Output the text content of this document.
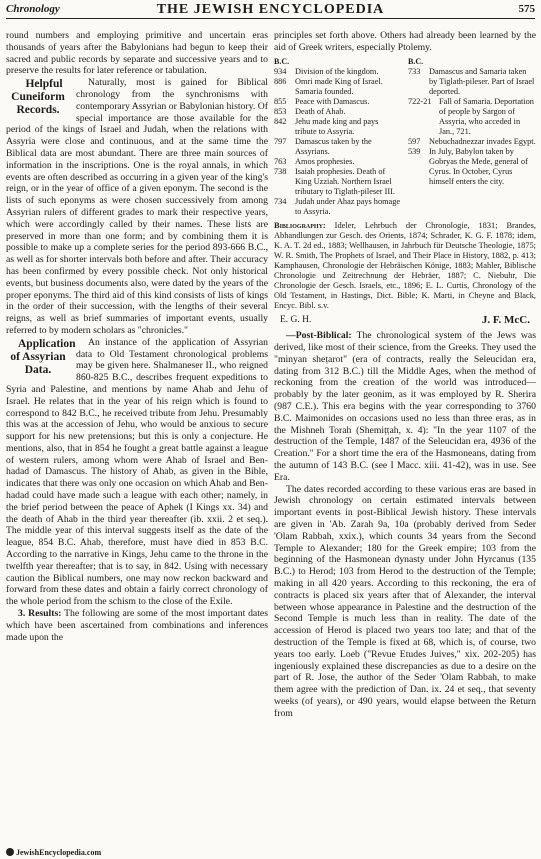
Chronology	THE JEWISH ENCYCLOPEDIA	575

round numbers and employing primitive and uncertain eras thousands of years after the Babylonians had begun to keep their sacred and public records by separate and successive years and to preserve the results for later reference or tabulation.

Helpful Cuneiform Records.
Naturally, most is gained for Biblical chronology from the synchronisms with contemporary Assyrian or Babylonian history. Of special importance are those available for the period of the kings of Israel and Judah, when the relations with Assyria were close and continuous, and at the same time the Biblical data are most abundant. There are three main sources of information in the inscriptions. One is the royal annals, in which events are often described as occurring in a given year of the king's reign, or in the year of office of a given eponym. The second is the lists of such eponyms as were chosen successively from among Assyrian rulers of different grades to mark their respective years, which were accordingly called by their names. These lists are preserved in more than one form; and by combining them it is possible to make up a complete series for the period 893-666 B.C., as well as for shorter intervals both before and after. Their accuracy has been confirmed by every possible check. Not only historical events, but business documents also, were dated by the years of the proper eponyms. The third aid of this kind consists of lists of kings in the order of their succession, with the lengths of their several reigns, as well as brief summaries of important events, usually referred to by modern scholars as "chronicles."

Application of Assyrian Data.
An instance of the application of Assyrian data to Old Testament chronological problems may be given here. Shalmaneser II., who reigned 860-825 B.C., describes frequent expeditions to Syria and Palestine, and mentions by name Ahab and Jehu of Israel. He relates that in the year of his reign which is found to correspond to 842 B.C., he received tribute from Jehu. Presumably this was at the accession of Jehu, who would be anxious to secure support for his new pretensions; but this is only a conjecture. He mentions, also, that in 854 he fought a great battle against a league of western rulers, among whom were Ahab of Israel and Ben-hadad of Damascus. The history of Ahab, as given in the Bible, indicates that there was only one occasion on which Ahab and Ben-hadad could have made such a league with each other; namely, in the brief period between the peace of Aphek (I Kings xx. 34) and the death of Ahab in the third year thereafter (ib. xxii. 2 et seq.). The middle year of this interval suggests itself as the date of the league, 854 B.C. Ahab, therefore, must have died in 853 B.C. According to the narrative in Kings, Jehu came to the throne in the twelfth year thereafter; that is to say, in 842. Using with necessary caution the Biblical numbers, one may now reckon backward and forward from these dates and obtain a fairly correct chronology of the whole period from the schism to the close of the Exile.

3. Results: The following are some of the most important dates which have been ascertained from combinations and inferences made upon the

principles set forth above. Others had already been learned by the aid of Greek writers, especially Ptolemy.

B.C.
934	Division of the kingdom.
886	Omri made King of Israel. Samaria founded.
855	Peace with Damascus.
853	Death of Ahab.
842	Jehu made king and pays tribute to Assyria.
797	Damascus taken by the Assyrians.
763	Amos prophesies.
738	Isaiah prophesies. Death of King Uzziah. Northern Israel tributary to Tiglath-pileser III.
734	Judah under Ahaz pays homage to Assyria.
B.C.
733	Damascus and Samaria taken by Tiglath-pileser. Part of Israel deported.
722-21 Fall of Samaria. Deportation of people by Sargon of Assyria, who acceded in Jan., 721.
597	Nebuchadnezzar invades Egypt.
539	In July, Babylon taken by Gobryas the Mede, general of Cyrus. In October, Cyrus himself enters the city.

Bibliography: Ideler, Lehrbuch der Chronologie, 1831; Brandes, Abhandlungen zur Gesch. des Orients, 1874; Schrader, K. G. F. 1878; idem, K. A. T. 2d ed., 1883; Wellhausen, in Jahrbuch für Deutsche Theologie, 1875; W. R. Smith, The Prophets of Israel, and Their Place in History, 1882, p. 413; Kamphausen, Chronologie der Hebräischen Könige, 1883; Mahler, Biblische Chronologie und Zeitrechnung der Hebräer, 1887; C. Niebuhr, Die Chronologie der Gesch. Israels, etc., 1896; E. L. Curtis, Chronology of the Old Testament, in Hastings, Dict. Bible; K. Marti, in Cheyne and Black, Encyc. Bibl. s.v.

E. G. H.	J. F. McC.

—Post-Biblical: The chronological system of the Jews was derived, like most of their science, from the Greeks. They used the "minyan sheṭarot" (era of contracts, really the Seleucidan era, dating from 312 B.C.) till the Middle Ages, when the method of reckoning from the creation of the world was introduced—probably by the later geonim, as it was employed by R. Sherira (987 C.E.). This era begins with the year corresponding to 3760 B.C. Maimonides on occasions used no less than three eras, as in the Mishneh Torah (Shemiṭṭah, x. 4): "In the year 1107 of the destruction of the Temple, 1487 of the Seleucidan era, 4936 of the Creation." For a short time the era of the Hasmoneans, dating from the autumn of 143 B.C. (see I Macc. xiii. 41-42), was in use. See Era.

The dates recorded according to these various eras are based in Jewish chronology on certain estimated intervals between important events in post-Biblical Jewish history. These intervals are given in 'Ab. Zarah 9a, 10a (probably derived from Seder 'Olam Rabbah, xxix.), which counts 34 years from the Second Temple to Alexander; 180 for the Greek empire; 103 from the beginning of the Hasmonean dynasty under John Hyrcanus (135 B.C.) to Herod; 103 from Herod to the destruction of the Temple; making in all 420 years. According to this reckoning, the era of contracts is placed six years after that of Alexander, the interval between whose appearance in Palestine and the destruction of the Second Temple is much less than in reality. The date of the accession of Herod is placed two years too late; and that of the destruction of the Temple is fixed at 68, which is, of course, two years too early. Loeb ("Revue Etudes Juives," xix. 202-205) has ingeniously explained these discrepancies as due to a desire on the part of R. Jose, the author of the Seder 'Olam Rabbah, to make them agree with the prediction of Dan. ix. 24 et seq., that seventy weeks (of years), or 490 years, would elapse between the Return from

JewishEncyclopedia.com
